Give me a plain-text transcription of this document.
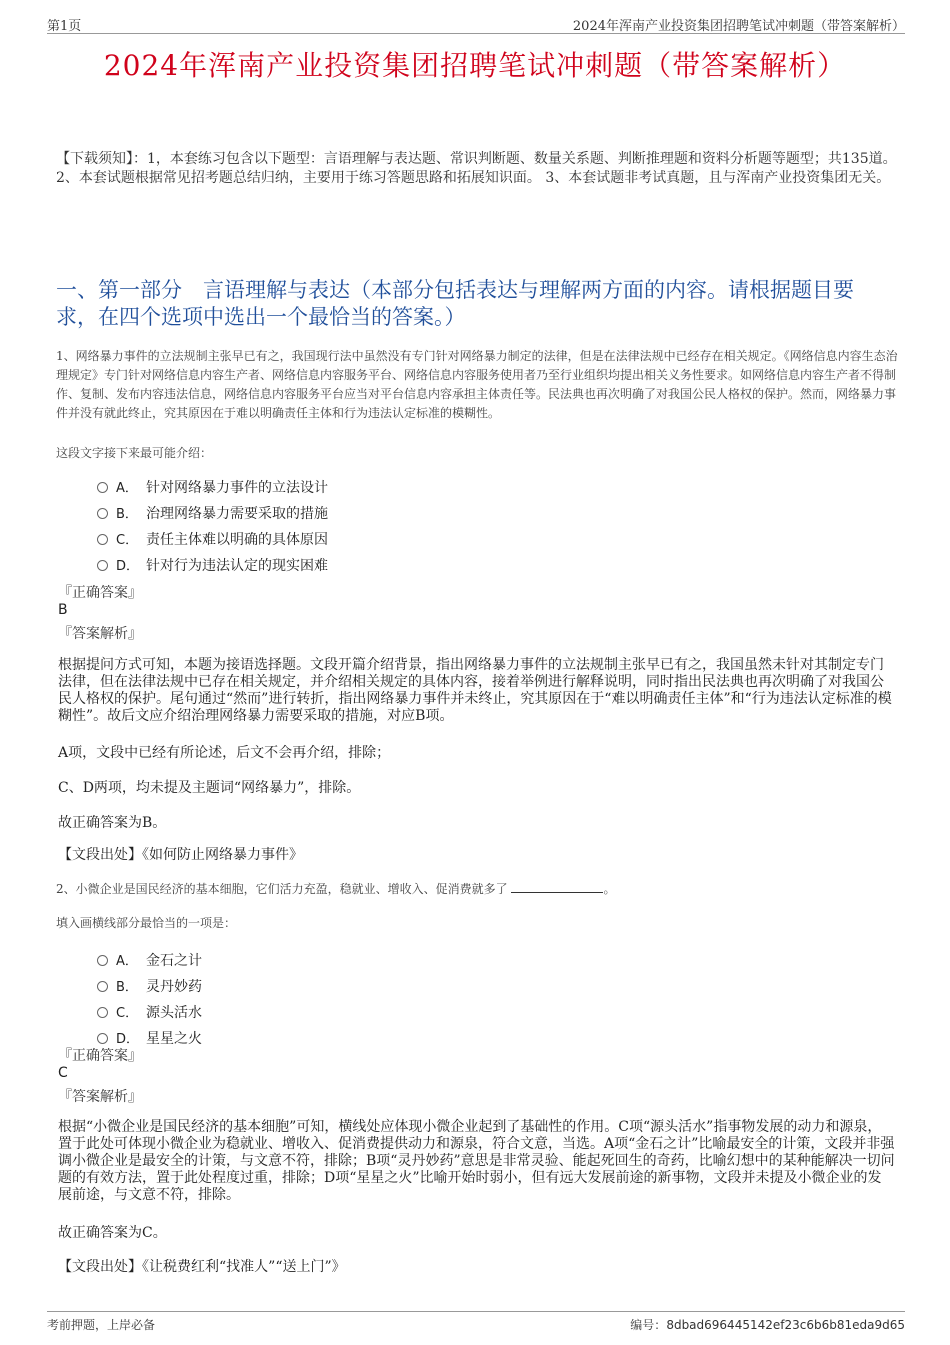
第1页	2024年浑南产业投资集团招聘笔试冲刺题（带答案解析）
2024年浑南产业投资集团招聘笔试冲刺题（带答案解析）
【下载须知】：1，本套练习包含以下题型：言语理解与表达题、常识判断题、数量关系题、判断推理题和资料分析题等题型；共135道。 2、本套试题根据常见招考题总结归纳，主要用于练习答题思路和拓展知识面。 3、本套试题非考试真题，且与浑南产业投资集团无关。
一、第一部分　言语理解与表达（本部分包括表达与理解两方面的内容。请根据题目要求，在四个选项中选出一个最恰当的答案。）
1、网络暴力事件的立法规制主张早已有之，我国现行法中虽然没有专门针对网络暴力制定的法律，但是在法律法规中已经存在相关规定。《网络信息内容生态治理规定》专门针对网络信息内容生产者、网络信息内容服务平台、网络信息内容服务使用者乃至行业组织均提出相关义务性要求。如网络信息内容生产者不得制作、复制、发布内容违法信息，网络信息内容服务平台应当对平台信息内容承担主体责任等。民法典也再次明确了对我国公民人格权的保护。然而，网络暴力事件并没有就此终止，究其原因在于难以明确责任主体和行为违法认定标准的模糊性。
这段文字接下来最可能介绍：
A． 针对网络暴力事件的立法设计
B． 治理网络暴力需要采取的措施
C． 责任主体难以明确的具体原因
D． 针对行为违法认定的现实困难
『正确答案』
B
『答案解析』
根据提问方式可知，本题为接语选择题。文段开篇介绍背景，指出网络暴力事件的立法规制主张早已有之，我国虽然未针对其制定专门法律，但在法律法规中已存在相关规定，并介绍相关规定的具体内容，接着举例进行解释说明，同时指出民法典也再次明确了对我国公民人格权的保护。尾句通过“然而”进行转折，指出网络暴力事件并未终止，究其原因在于“难以明确责任主体”和“行为违法认定标准的模糊性”。故后文应介绍治理网络暴力需要采取的措施，对应B项。
A项，文段中已经有所论述，后文不会再介绍，排除；
C、D两项，均未提及主题词“网络暴力”，排除。
故正确答案为B。
【文段出处】《如何防止网络暴力事件》
2、小微企业是国民经济的基本细胞，它们活力充盈，稳就业、增收入、促消费就多了	。
填入画横线部分最恰当的一项是：
A． 金石之计
B． 灵丹妙药
C． 源头活水
D． 星星之火
『正确答案』
C
『答案解析』
根据“小微企业是国民经济的基本细胞”可知，横线处应体现小微企业起到了基础性的作用。C项“源头活水”指事物发展的动力和源泉，置于此处可体现小微企业为稳就业、增收入、促消费提供动力和源泉，符合文意，当选。A项“金石之计”比喻最安全的计策，文段并非强调小微企业是最安全的计策，与文意不符，排除；B项“灵丹妙药”意思是非常灵验、能起死回生的奇药，比喻幻想中的某种能解决一切问题的有效方法，置于此处程度过重，排除；D项“星星之火”比喻开始时弱小，但有远大发展前途的新事物，文段并未提及小微企业的发展前途，与文意不符，排除。
故正确答案为C。
【文段出处】《让税费红利“找准人”“送上门”》
考前押题，上岸必备	编号：8dbad696445142ef23c6b6b81eda9d65
